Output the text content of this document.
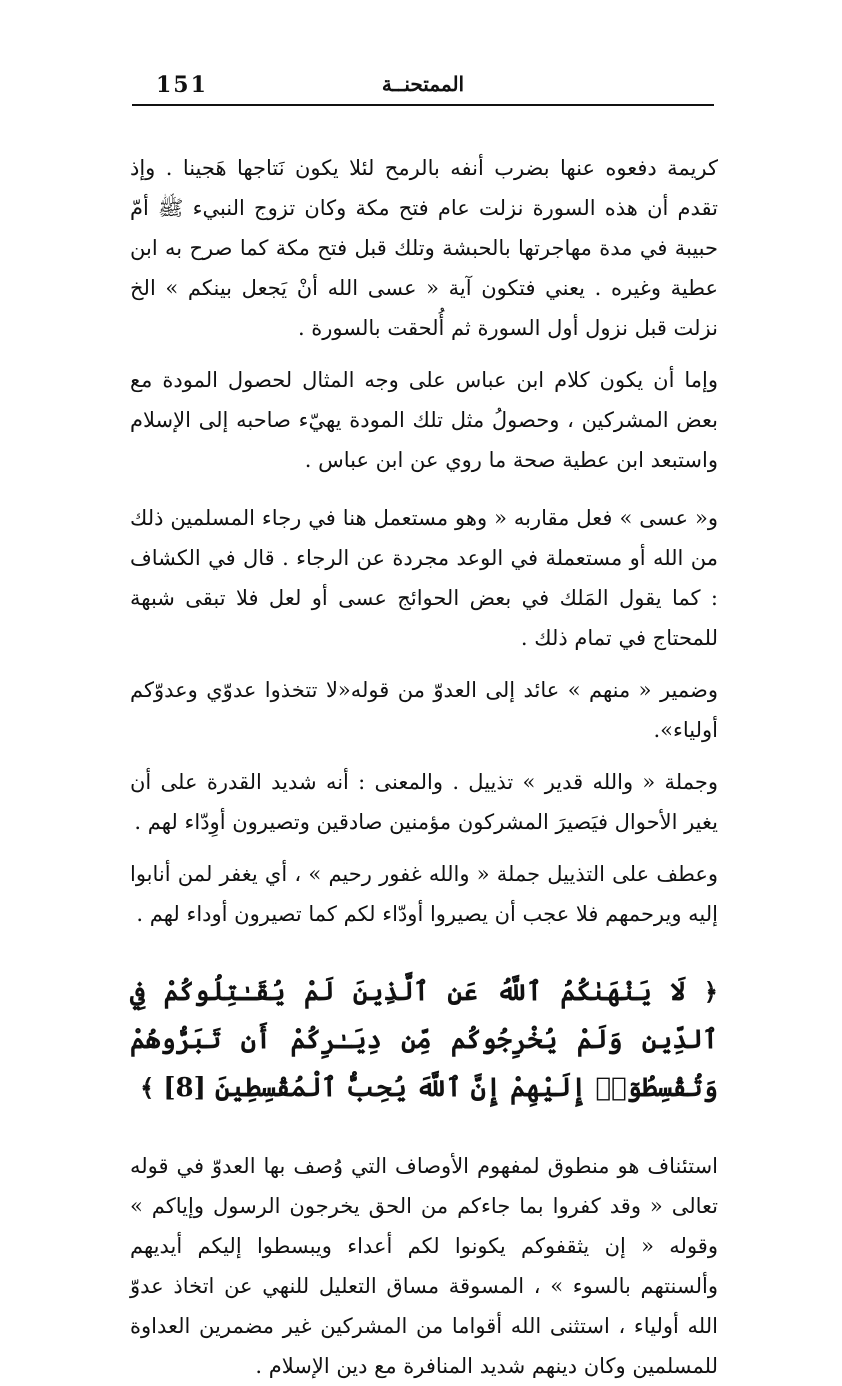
151	الممتحنــة

كريمة دفعوه عنها بضرب أنفه بالرمح لئلا يكون نَتاجها هَجينا . وإذ تقدم أن هذه السورة نزلت عام فتح مكة وكان تزوج النبيء ﷺ أمّ حبيبة في مدة مهاجرتها بالحبشة وتلك قبل فتح مكة كما صرح به ابن عطية وغيره . يعني فتكون آية « عسى الله أنْ يَجعل بينكم » الخ نزلت قبل نزول أول السورة ثم أُلحقت بالسورة .

وإما أن يكون كلام ابن عباس على وجه المثال لحصول المودة مع بعض المشركين ، وحصولُ مثل تلك المودة يهيّء صاحبه إلى الإسلام واستبعد ابن عطية صحة ما روي عن ابن عباس .

و« عسى » فعل مقاربه « وهو مستعمل هنا في رجاء المسلمين ذلك من الله أو مستعملة في الوعد مجردة عن الرجاء . قال في الكشاف : كما يقول المَلك في بعض الحوائج عسى أو لعل فلا تبقى شبهة للمحتاج في تمام ذلك .

وضمير « منهم » عائد إلى العدوّ من قوله«لا تتخذوا عدوّي وعدوّكم أولياء».

وجملة « والله قدير » تذييل . والمعنى : أنه شديد القدرة على أن يغير الأحوال فيَصيرَ المشركون مؤمنين صادقين وتصيرون أوِدّاء لهم .

وعطف على التذييل جملة « والله غفور رحيم » ، أي يغفر لمن أنابوا إليه ويرحمهم فلا عجب أن يصيروا أودّاء لكم كما تصيرون أوداء لهم .

﴿ لَا يَنْهَىٰكُمُ ٱللَّهُ عَنِ ٱلَّذِينَ لَمْ يُقَـٰتِلُوكُمْ فِي ٱلدِّينِ وَلَمْ يُخْرِجُوكُم مِّن دِيَـٰرِكُمْ أَن تَبَرُّوهُمْ وَتُقْسِطُوٓا۟ إِلَيْهِمْ إِنَّ ٱللَّهَ يُحِبُّ ٱلْمُقْسِطِينَ [8] ﴾

استئناف هو منطوق لمفهوم الأوصاف التي وُصف بها العدوّ في قوله تعالى « وقد كفروا بما جاءكم من الحق يخرجون الرسول وإياكم » وقوله « إن يثقفوكم يكونوا لكم أعداء ويبسطوا إليكم أيديهم وألسنتهم بالسوء » ، المسوقة مساق التعليل للنهي عن اتخاذ عدوّ الله أولياء ، استثنى الله أقواما من المشركين غير مضمرين العداوة للمسلمين وكان دينهم شديد المنافرة مع دين الإسلام .
